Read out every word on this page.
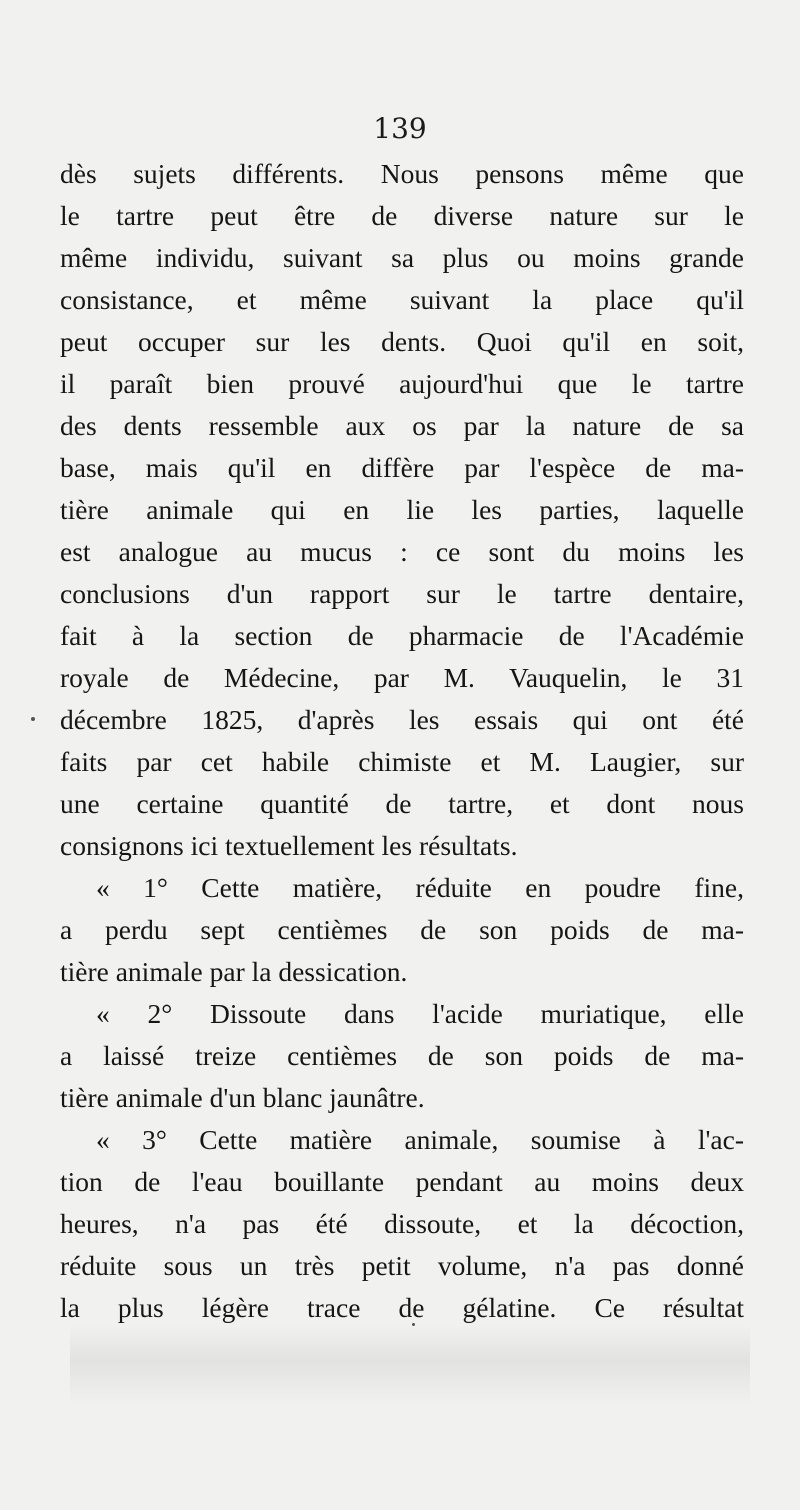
139
dès sujets différents. Nous pensons même que
le tartre peut être de diverse nature sur le
même individu, suivant sa plus ou moins grande
consistance, et même suivant la place qu'il
peut occuper sur les dents. Quoi qu'il en soit,
il paraît bien prouvé aujourd'hui que le tartre
des dents ressemble aux os par la nature de sa
base, mais qu'il en diffère par l'espèce de ma-
tière animale qui en lie les parties, laquelle
est analogue au mucus : ce sont du moins les
conclusions d'un rapport sur le tartre dentaire,
fait à la section de pharmacie de l'Académie
royale de Médecine, par M. Vauquelin, le 31
décembre 1825, d'après les essais qui ont été
faits par cet habile chimiste et M. Laugier, sur
une certaine quantité de tartre, et dont nous
consignons ici textuellement les résultats.
« 1° Cette matière, réduite en poudre fine,
a perdu sept centièmes de son poids de ma-
tière animale par la dessication.
« 2° Dissoute dans l'acide muriatique, elle
a laissé treize centièmes de son poids de ma-
tière animale d'un blanc jaunâtre.
« 3° Cette matière animale, soumise à l'ac-
tion de l'eau bouillante pendant au moins deux
heures, n'a pas été dissoute, et la décoction,
réduite sous un très petit volume, n'a pas donné
la plus légère trace de gélatine. Ce résultat
